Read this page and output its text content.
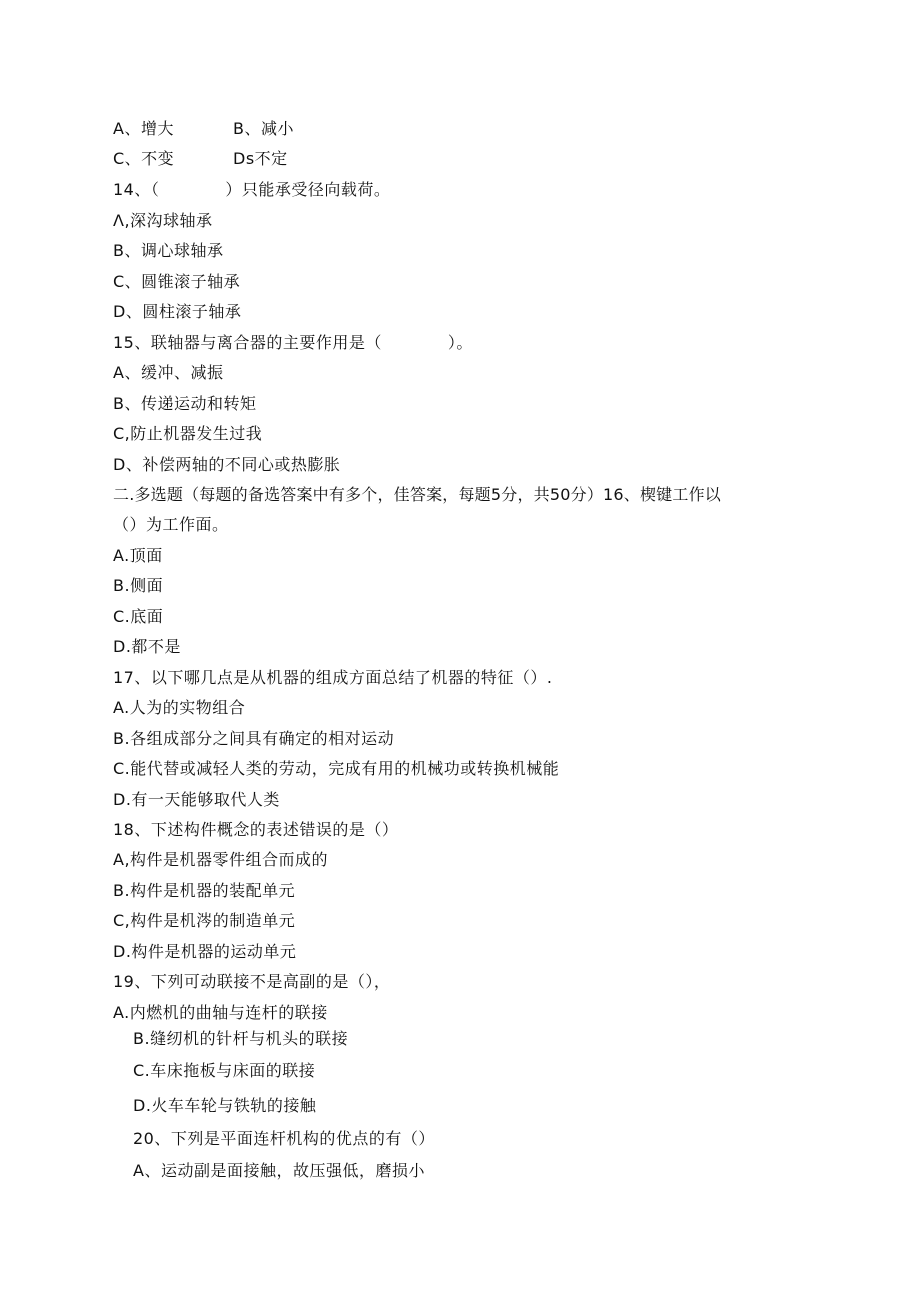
A、增大	B、减小
C、不变	Ds不定
14、（　　　　）只能承受径向载荷。
Λ,深沟球轴承
B、调心球轴承
C、圆锥滚子轴承
D、圆柱滚子轴承
15、联轴器与离合器的主要作用是（　　　　）。
A、缓冲、减振
B、传递运动和转矩
C,防止机器发生过我
D、补偿两轴的不同心或热膨胀
二.多选题（每题的备选答案中有多个，佳答案，每题5分，共50分）16、楔键工作以
（）为工作面。
A.顶面
B.侧面
C.底面
D.都不是
17、以下哪几点是从机器的组成方面总结了机器的特征（）.
A.人为的实物组合
B.各组成部分之间具有确定的相对运动
C.能代替或减轻人类的劳动，完成有用的机械功或转换机械能
D.有一天能够取代人类
18、下述构件概念的表述错误的是（）
A,构件是机器零件组合而成的
B.构件是机器的装配单元
C,构件是机涔的制造单元
D.构件是机器的运动单元
19、下列可动联接不是高副的是（），
A.内燃机的曲轴与连杆的联接
B.缝纫机的针杆与机头的联接
C.车床拖板与床面的联接
D.火车车轮与铁轨的接触
20、下列是平面连杆机构的优点的有（）
A、运动副是面接触，故压强低，磨损小
